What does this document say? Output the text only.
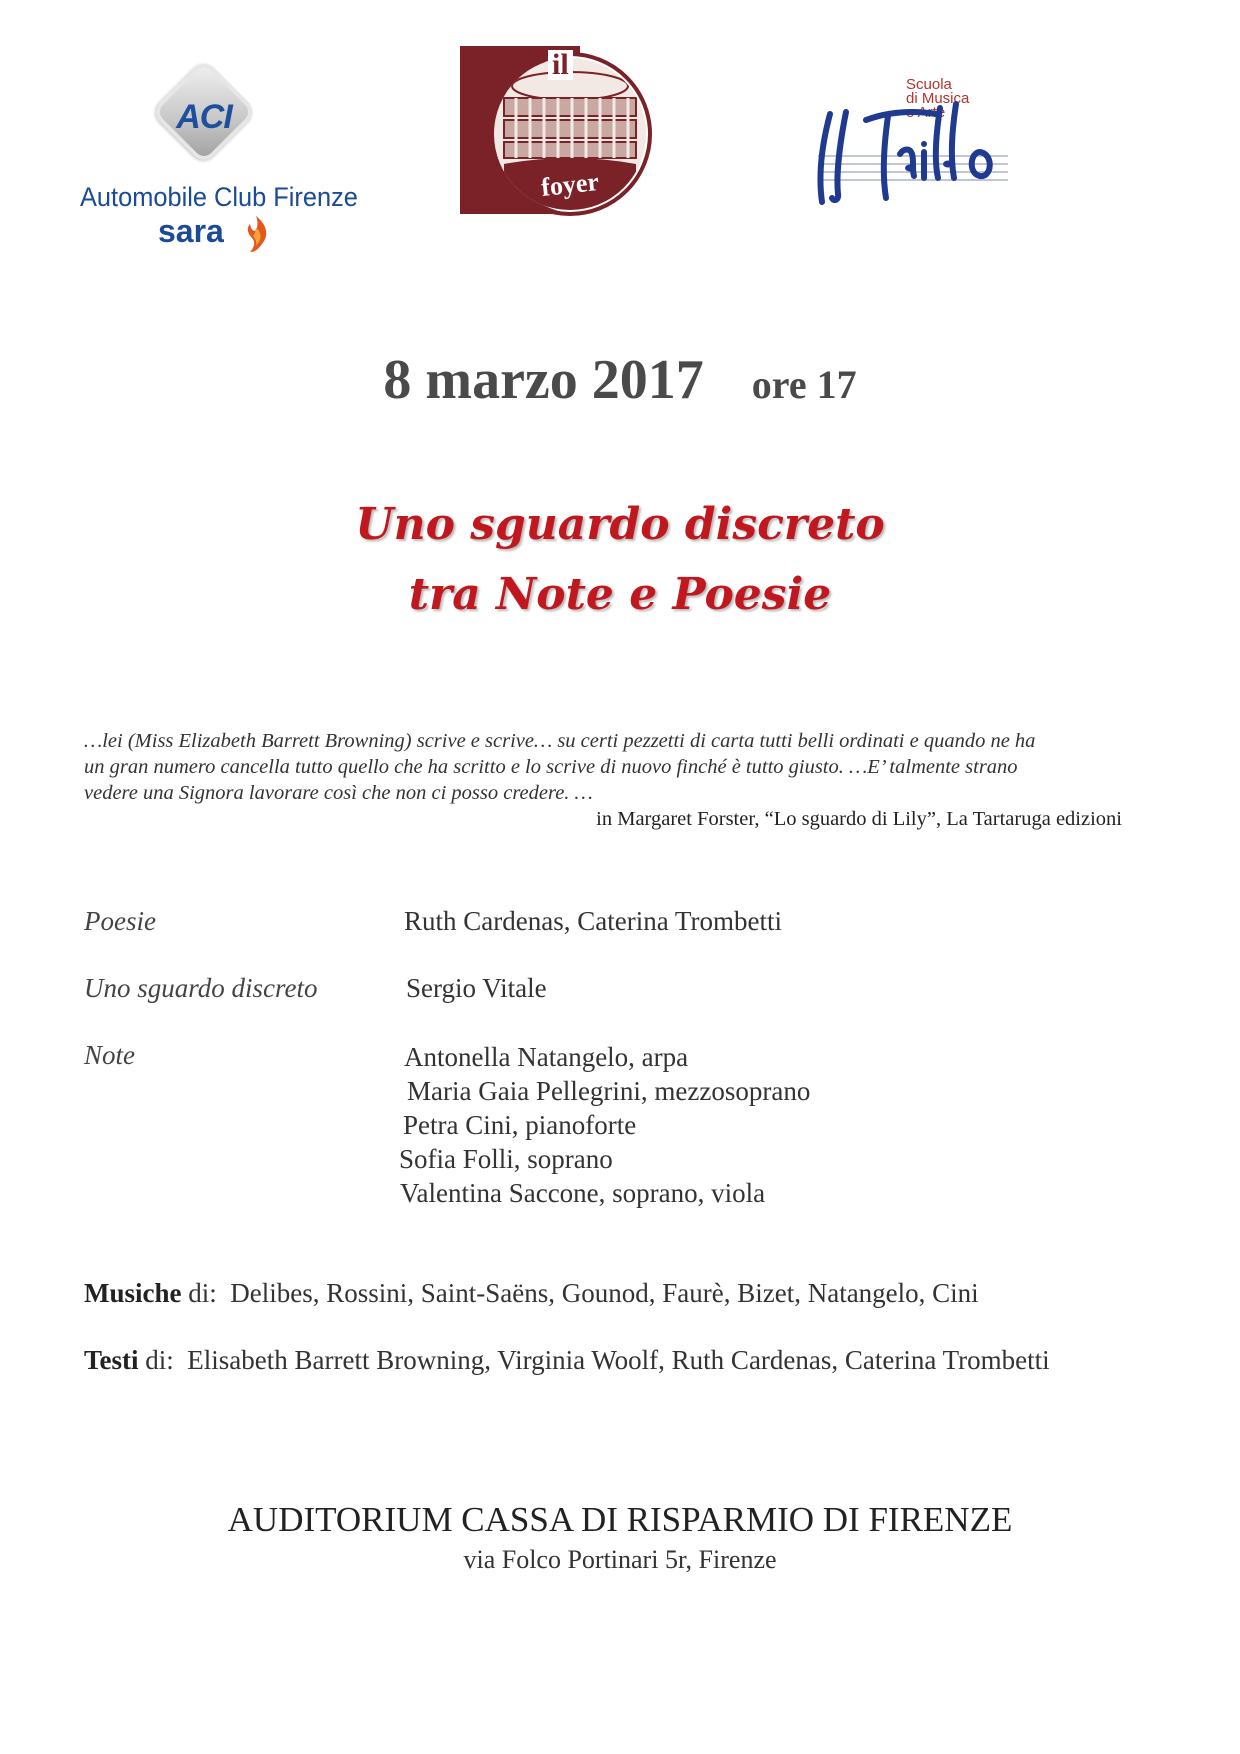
ACI
Automobile Club Firenze
sara
il
foyer
Scuola
di Musica
e Arte
8 marzo 2017 ore 17
Uno sguardo discreto
tra Note e Poesie
…lei (Miss Elizabeth Barrett Browning) scrive e scrive… su certi pezzetti di carta tutti belli ordinati e quando ne ha
un gran numero cancella tutto quello che ha scritto e lo scrive di nuovo finché è tutto giusto. …E’ talmente strano
vedere una Signora lavorare così che non ci posso credere. …
in Margaret Forster, “Lo sguardo di Lily”, La Tartaruga edizioni
Poesie	Ruth Cardenas, Caterina Trombetti
Uno sguardo discreto	Sergio Vitale
Note	Antonella Natangelo, arpa
Maria Gaia Pellegrini, mezzosoprano
Petra Cini, pianoforte
Sofia Folli, soprano
Valentina Saccone, soprano, viola
Musiche di: Delibes, Rossini, Saint-Saëns, Gounod, Faurè, Bizet, Natangelo, Cini
Testi di: Elisabeth Barrett Browning, Virginia Woolf, Ruth Cardenas, Caterina Trombetti
AUDITORIUM CASSA DI RISPARMIO DI FIRENZE
via Folco Portinari 5r, Firenze
